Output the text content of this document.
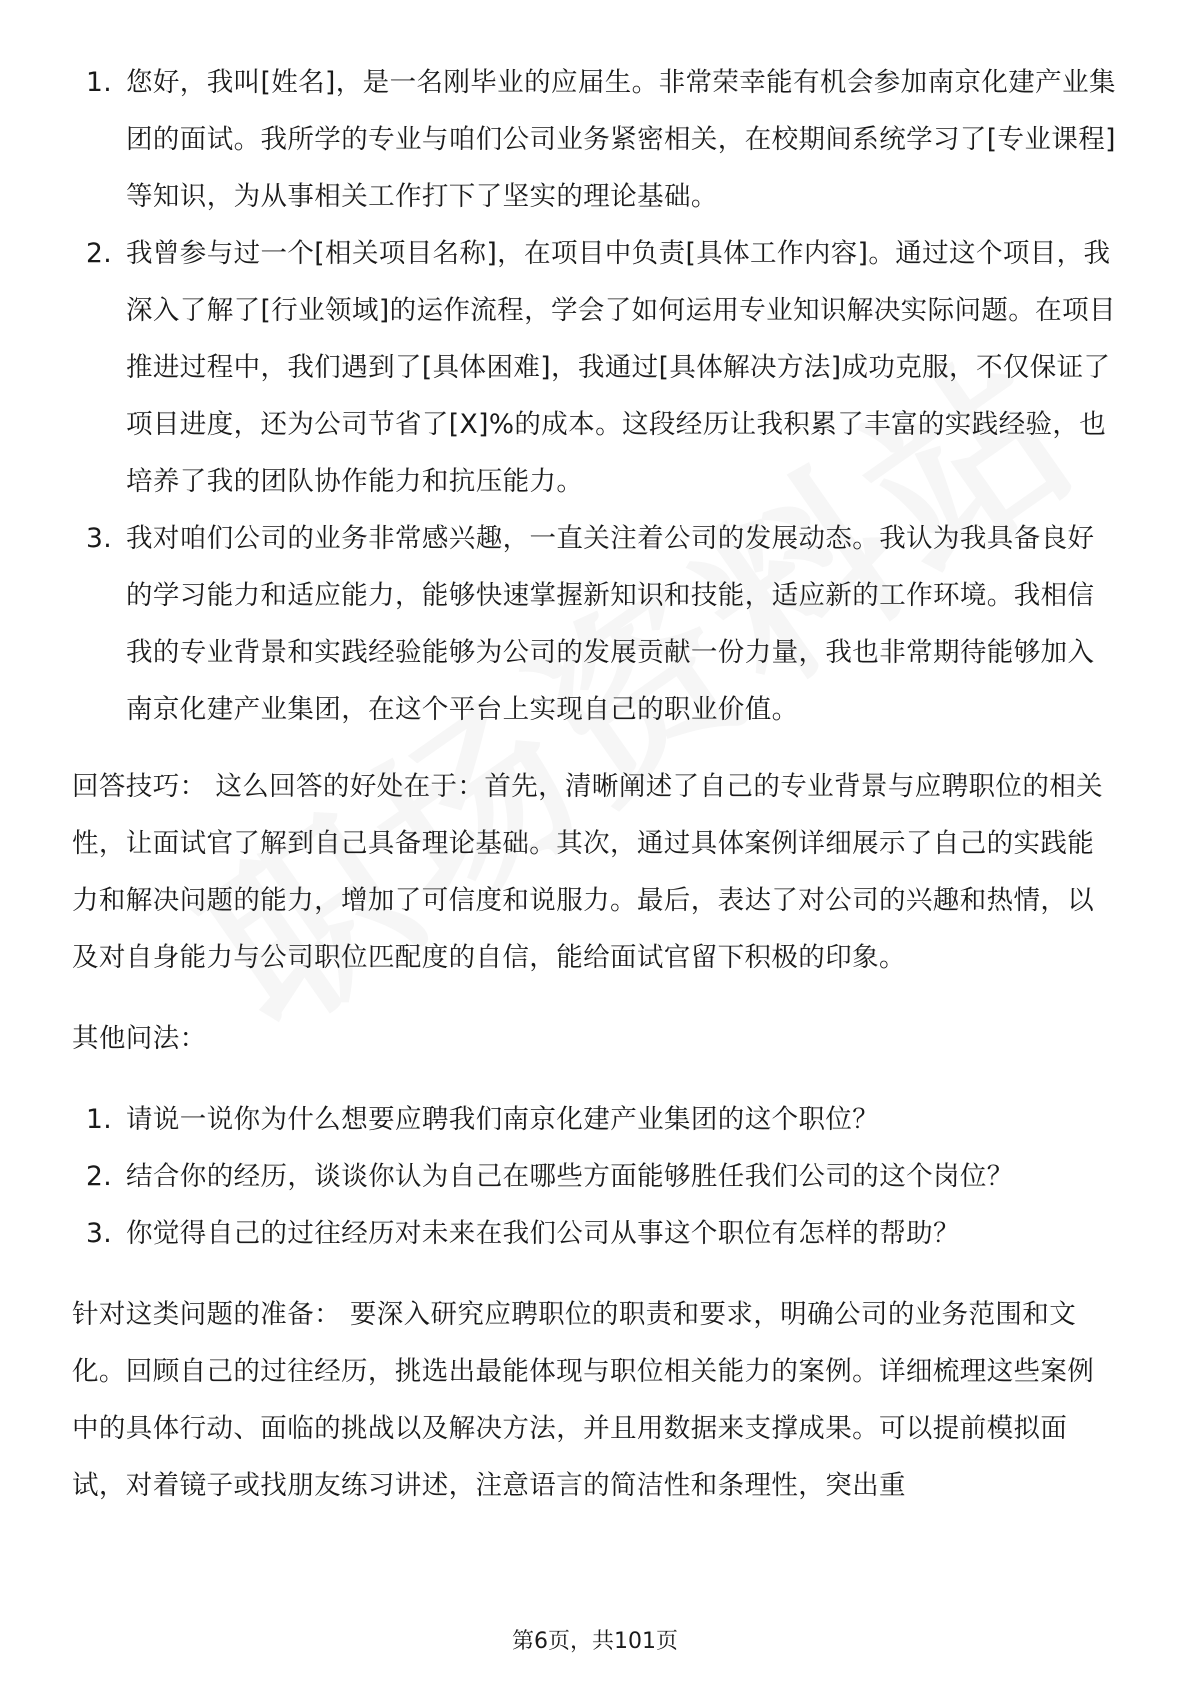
1. 您好，我叫[姓名]，是一名刚毕业的应届生。非常荣幸能有机会参加南京化建产业集团的面试。我所学的专业与咱们公司业务紧密相关，在校期间系统学习了[专业课程]等知识，为从事相关工作打下了坚实的理论基础。
2. 我曾参与过一个[相关项目名称]，在项目中负责[具体工作内容]。通过这个项目，我深入了解了[行业领域]的运作流程，学会了如何运用专业知识解决实际问题。在项目推进过程中，我们遇到了[具体困难]，我通过[具体解决方法]成功克服，不仅保证了项目进度，还为公司节省了[X]%的成本。这段经历让我积累了丰富的实践经验，也培养了我的团队协作能力和抗压能力。
3. 我对咱们公司的业务非常感兴趣，一直关注着公司的发展动态。我认为我具备良好的学习能力和适应能力，能够快速掌握新知识和技能，适应新的工作环境。我相信我的专业背景和实践经验能够为公司的发展贡献一份力量，我也非常期待能够加入南京化建产业集团，在这个平台上实现自己的职业价值。

回答技巧： 这么回答的好处在于：首先，清晰阐述了自己的专业背景与应聘职位的相关性，让面试官了解到自己具备理论基础。其次，通过具体案例详细展示了自己的实践能力和解决问题的能力，增加了可信度和说服力。最后，表达了对公司的兴趣和热情，以及对自身能力与公司职位匹配度的自信，能给面试官留下积极的印象。

其他问法：

1. 请说一说你为什么想要应聘我们南京化建产业集团的这个职位？
2. 结合你的经历，谈谈你认为自己在哪些方面能够胜任我们公司的这个岗位？
3. 你觉得自己的过往经历对未来在我们公司从事这个职位有怎样的帮助？

针对这类问题的准备： 要深入研究应聘职位的职责和要求，明确公司的业务范围和文化。回顾自己的过往经历，挑选出最能体现与职位相关能力的案例。详细梳理这些案例中的具体行动、面临的挑战以及解决方法，并且用数据来支撑成果。可以提前模拟面试，对着镜子或找朋友练习讲述，注意语言的简洁性和条理性，突出重

第6页，共101页
